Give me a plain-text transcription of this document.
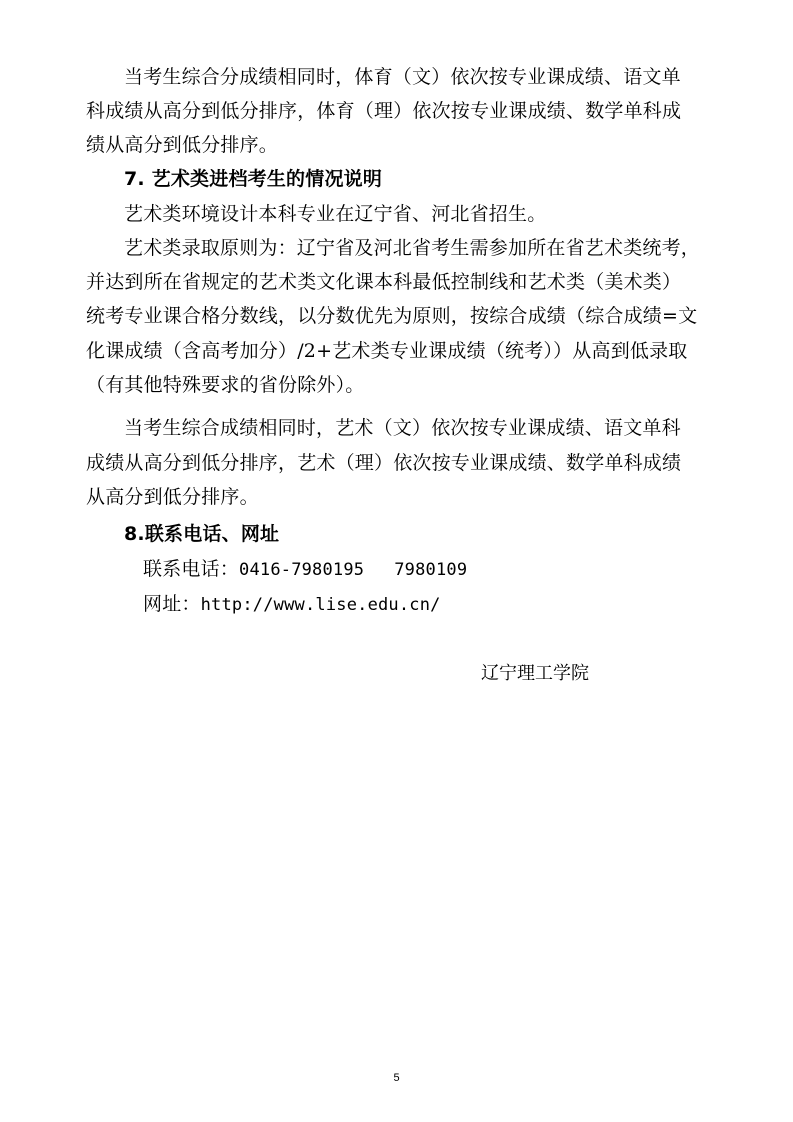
当考生综合分成绩相同时，体育（文）依次按专业课成绩、语文单
科成绩从高分到低分排序，体育（理）依次按专业课成绩、数学单科成
绩从高分到低分排序。
7. 艺术类进档考生的情况说明
艺术类环境设计本科专业在辽宁省、河北省招生。
艺术类录取原则为：辽宁省及河北省考生需参加所在省艺术类统考，
并达到所在省规定的艺术类文化课本科最低控制线和艺术类（美术类）
统考专业课合格分数线，以分数优先为原则，按综合成绩（综合成绩=文
化课成绩（含高考加分）/2+艺术类专业课成绩（统考））从高到低录取
（有其他特殊要求的省份除外）。
当考生综合成绩相同时，艺术（文）依次按专业课成绩、语文单科
成绩从高分到低分排序，艺术（理）依次按专业课成绩、数学单科成绩
从高分到低分排序。
8.联系电话、网址
联系电话：0416-7980195 7980109
网址：http://www.lise.edu.cn/
辽宁理工学院
5
